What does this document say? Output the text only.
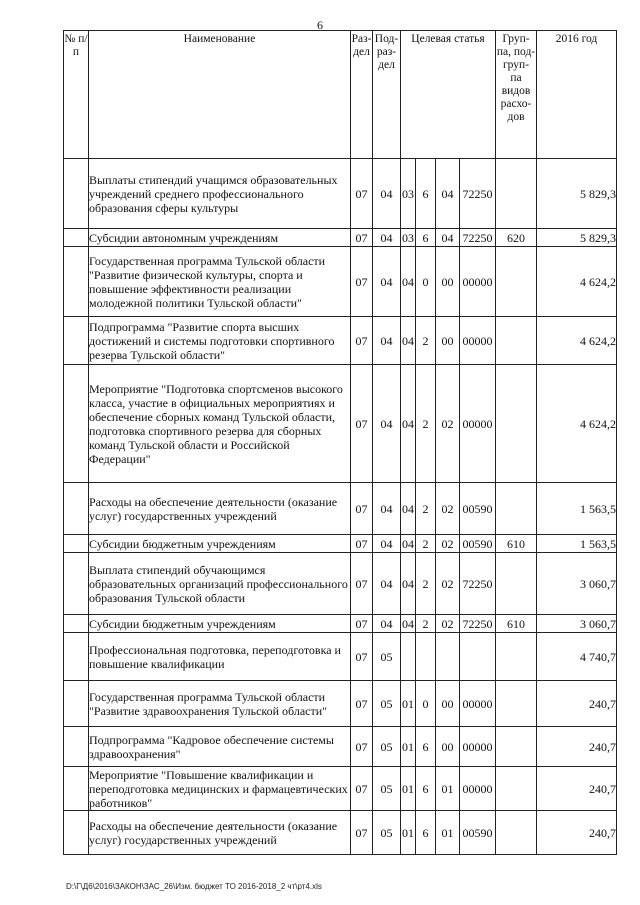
6
№ п/п	Наименование	Раз- дел	Под- раз- дел	Целевая статья				Груп- па, под- груп- па видов расхо- дов	2016 год
	Выплаты стипендий учащимся образовательных учреждений среднего профессионального образования сферы культуры	07	04	03	6	04	72250		5 829,3
	Субсидии автономным учреждениям	07	04	03	6	04	72250	620	5 829,3
	Государственная программа Тульской области "Развитие физической культуры, спорта и повышение эффективности реализации молодежной политики Тульской области"	07	04	04	0	00	00000		4 624,2
	Подпрограмма "Развитие спорта высших достижений и системы подготовки спортивного резерва Тульской области"	07	04	04	2	00	00000		4 624,2
	Мероприятие "Подготовка спортсменов высокого класса, участие в официальных мероприятиях и обеспечение сборных команд Тульской области, подготовка спортивного резерва для сборных команд Тульской области и Российской Федерации"	07	04	04	2	02	00000		4 624,2
	Расходы на обеспечение деятельности (оказание услуг) государственных учреждений	07	04	04	2	02	00590		1 563,5
	Субсидии бюджетным учреждениям	07	04	04	2	02	00590	610	1 563,5
	Выплата стипендий обучающимся образовательных организаций профессионального образования Тульской области	07	04	04	2	02	72250		3 060,7
	Субсидии бюджетным учреждениям	07	04	04	2	02	72250	610	3 060,7
	Профессиональная подготовка, переподготовка и повышение квалификации	07	05						4 740,7
	Государственная программа Тульской области "Развитие здравоохранения Тульской области"	07	05	01	0	00	00000		240,7
	Подпрограмма "Кадровое обеспечение системы здравоохранения"	07	05	01	6	00	00000		240,7
	Мероприятие "Повышение квалификации и переподготовка медицинских и фармацевтических работников"	07	05	01	6	01	00000		240,7
	Расходы на обеспечение деятельности (оказание услуг) государственных учреждений	07	05	01	6	01	00590		240,7
D:\Г\Д6\2016\ЗАКОН\ЗАС_26\Изм. бюджет ТО 2016-2018_2 чт\рт4.xls
